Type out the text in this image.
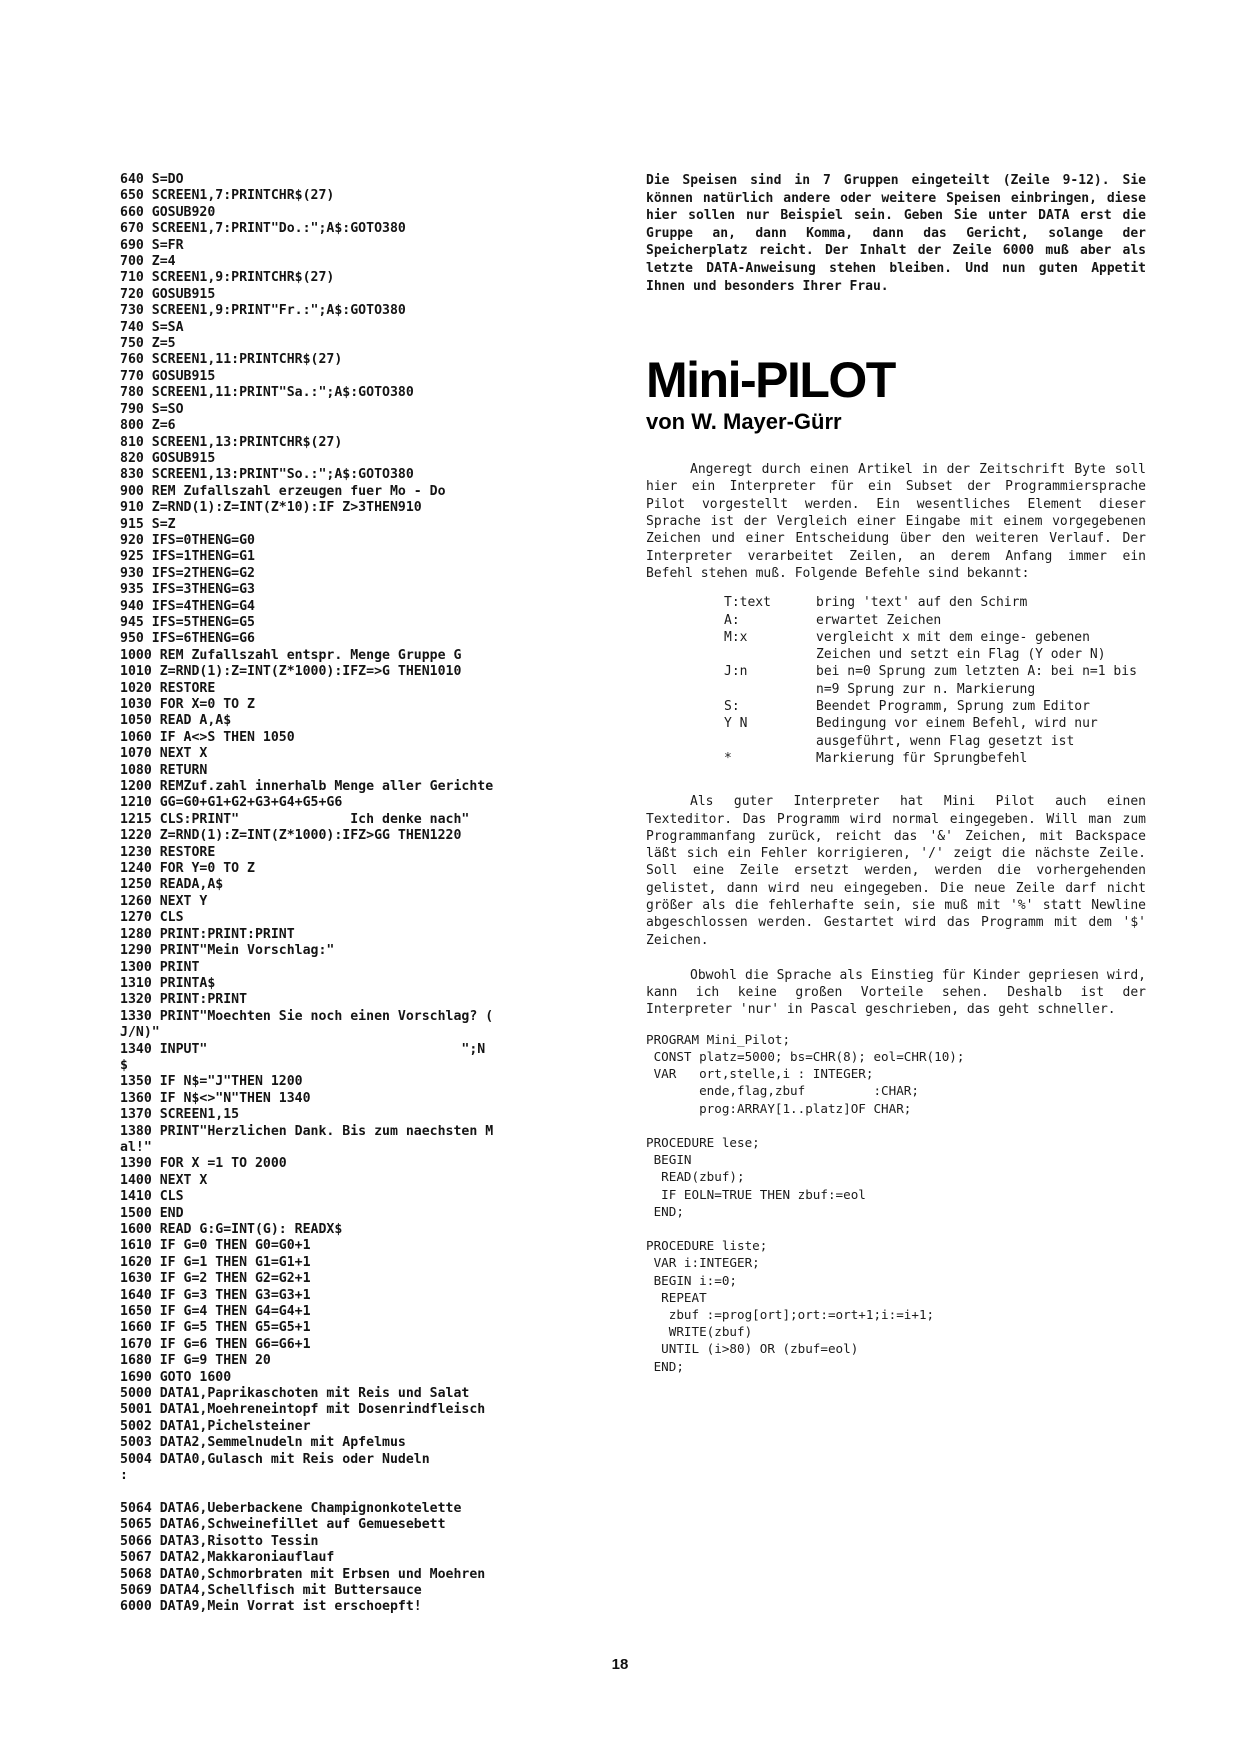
640 S=DO
650 SCREEN1,7:PRINTCHR$(27)
660 GOSUB920
670 SCREEN1,7:PRINT"Do.:";A$:GOTO380
690 S=FR
700 Z=4
710 SCREEN1,9:PRINTCHR$(27)
720 GOSUB915
730 SCREEN1,9:PRINT"Fr.:";A$:GOTO380
740 S=SA
750 Z=5
760 SCREEN1,11:PRINTCHR$(27)
770 GOSUB915
780 SCREEN1,11:PRINT"Sa.:";A$:GOTO380
790 S=SO
800 Z=6
810 SCREEN1,13:PRINTCHR$(27)
820 GOSUB915
830 SCREEN1,13:PRINT"So.:";A$:GOTO380
900 REM Zufallszahl erzeugen fuer Mo - Do
910 Z=RND(1):Z=INT(Z*10):IF Z>3THEN910
915 S=Z
920 IFS=0THENG=G0
925 IFS=1THENG=G1
930 IFS=2THENG=G2
935 IFS=3THENG=G3
940 IFS=4THENG=G4
945 IFS=5THENG=G5
950 IFS=6THENG=G6
1000 REM Zufallszahl entspr. Menge Gruppe G
1010 Z=RND(1):Z=INT(Z*1000):IFZ=>G THEN1010
1020 RESTORE
1030 FOR X=0 TO Z
1050 READ A,A$
1060 IF A<>S THEN 1050
1070 NEXT X
1080 RETURN
1200 REMZuf.zahl innerhalb Menge aller Gerichte
1210 GG=G0+G1+G2+G3+G4+G5+G6
1215 CLS:PRINT"              Ich denke nach"
1220 Z=RND(1):Z=INT(Z*1000):IFZ>GG THEN1220
1230 RESTORE
1240 FOR Y=0 TO Z
1250 READA,A$
1260 NEXT Y
1270 CLS
1280 PRINT:PRINT:PRINT
1290 PRINT"Mein Vorschlag:"
1300 PRINT
1310 PRINTA$
1320 PRINT:PRINT
1330 PRINT"Moechten Sie noch einen Vorschlag? (
J/N)"
1340 INPUT"                                ";N
$
1350 IF N$="J"THEN 1200
1360 IF N$<>"N"THEN 1340
1370 SCREEN1,15
1380 PRINT"Herzlichen Dank. Bis zum naechsten M
al!"
1390 FOR X =1 TO 2000
1400 NEXT X
1410 CLS
1500 END
1600 READ G:G=INT(G): READX$
1610 IF G=0 THEN G0=G0+1
1620 IF G=1 THEN G1=G1+1
1630 IF G=2 THEN G2=G2+1
1640 IF G=3 THEN G3=G3+1
1650 IF G=4 THEN G4=G4+1
1660 IF G=5 THEN G5=G5+1
1670 IF G=6 THEN G6=G6+1
1680 IF G=9 THEN 20
1690 GOTO 1600
5000 DATA1,Paprikaschoten mit Reis und Salat
5001 DATA1,Moehreneintopf mit Dosenrindfleisch
5002 DATA1,Pichelsteiner
5003 DATA2,Semmelnudeln mit Apfelmus
5004 DATA0,Gulasch mit Reis oder Nudeln
:

5064 DATA6,Ueberbackene Champignonkotelette
5065 DATA6,Schweinefillet auf Gemuesebett
5066 DATA3,Risotto Tessin
5067 DATA2,Makkaroniauflauf
5068 DATA0,Schmorbraten mit Erbsen und Moehren
5069 DATA4,Schellfisch mit Buttersauce
6000 DATA9,Mein Vorrat ist erschoepft!

Die Speisen sind in 7 Gruppen eingeteilt (Zeile 9-12). Sie können natürlich andere oder weitere Speisen einbringen, diese hier sollen nur Beispiel sein. Geben Sie unter DATA erst die Gruppe an, dann Komma, dann das Gericht, solange der Speicherplatz reicht. Der Inhalt der Zeile 6000 muß aber als letzte DATA-Anweisung stehen bleiben. Und nun guten Appetit Ihnen und besonders Ihrer Frau.

Mini-PILOT
von W. Mayer-Gürr

Angeregt durch einen Artikel in der Zeitschrift Byte soll hier ein Interpreter für ein Subset der Programmiersprache Pilot vorgestellt werden. Ein wesentliches Element dieser Sprache ist der Vergleich einer Eingabe mit einem vorgegebenen Zeichen und einer Entscheidung über den weiteren Verlauf. Der Interpreter verarbeitet Zeilen, an derem Anfang immer ein Befehl stehen muß. Folgende Befehle sind bekannt:

T:text	bring 'text' auf den Schirm
A:	erwartet Zeichen
M:x	vergleicht x mit dem einge- gebenen Zeichen und setzt ein Flag (Y oder N)
J:n	bei n=0 Sprung zum letzten A: bei n=1 bis n=9 Sprung zur n. Markierung
S:	Beendet Programm, Sprung zum Editor
Y N	Bedingung vor einem Befehl, wird nur ausgeführt, wenn Flag gesetzt ist
*	Markierung für Sprungbefehl

Als guter Interpreter hat Mini Pilot auch einen Texteditor. Das Programm wird normal eingegeben. Will man zum Programmanfang zurück, reicht das '&' Zeichen, mit Backspace läßt sich ein Fehler korrigieren, '/' zeigt die nächste Zeile. Soll eine Zeile ersetzt werden, werden die vorhergehenden gelistet, dann wird neu eingegeben. Die neue Zeile darf nicht größer als die fehlerhafte sein, sie muß mit '%' statt Newline abgeschlossen werden. Gestartet wird das Programm mit dem '$' Zeichen.

Obwohl die Sprache als Einstieg für Kinder gepriesen wird, kann ich keine großen Vorteile sehen. Deshalb ist der Interpreter 'nur' in Pascal geschrieben, das geht schneller.

PROGRAM Mini_Pilot;
CONST platz=5000; bs=CHR(8); eol=CHR(10);
VAR   ort,stelle,i : INTEGER;
ende,flag,zbuf         :CHAR;
prog:ARRAY[1..platz]OF CHAR;

PROCEDURE lese;
BEGIN
READ(zbuf);
IF EOLN=TRUE THEN zbuf:=eol
END;

PROCEDURE liste;
VAR i:INTEGER;
BEGIN i:=0;
REPEAT
zbuf :=prog[ort];ort:=ort+1;i:=i+1;
WRITE(zbuf)
UNTIL (i>80) OR (zbuf=eol)
END;
18
